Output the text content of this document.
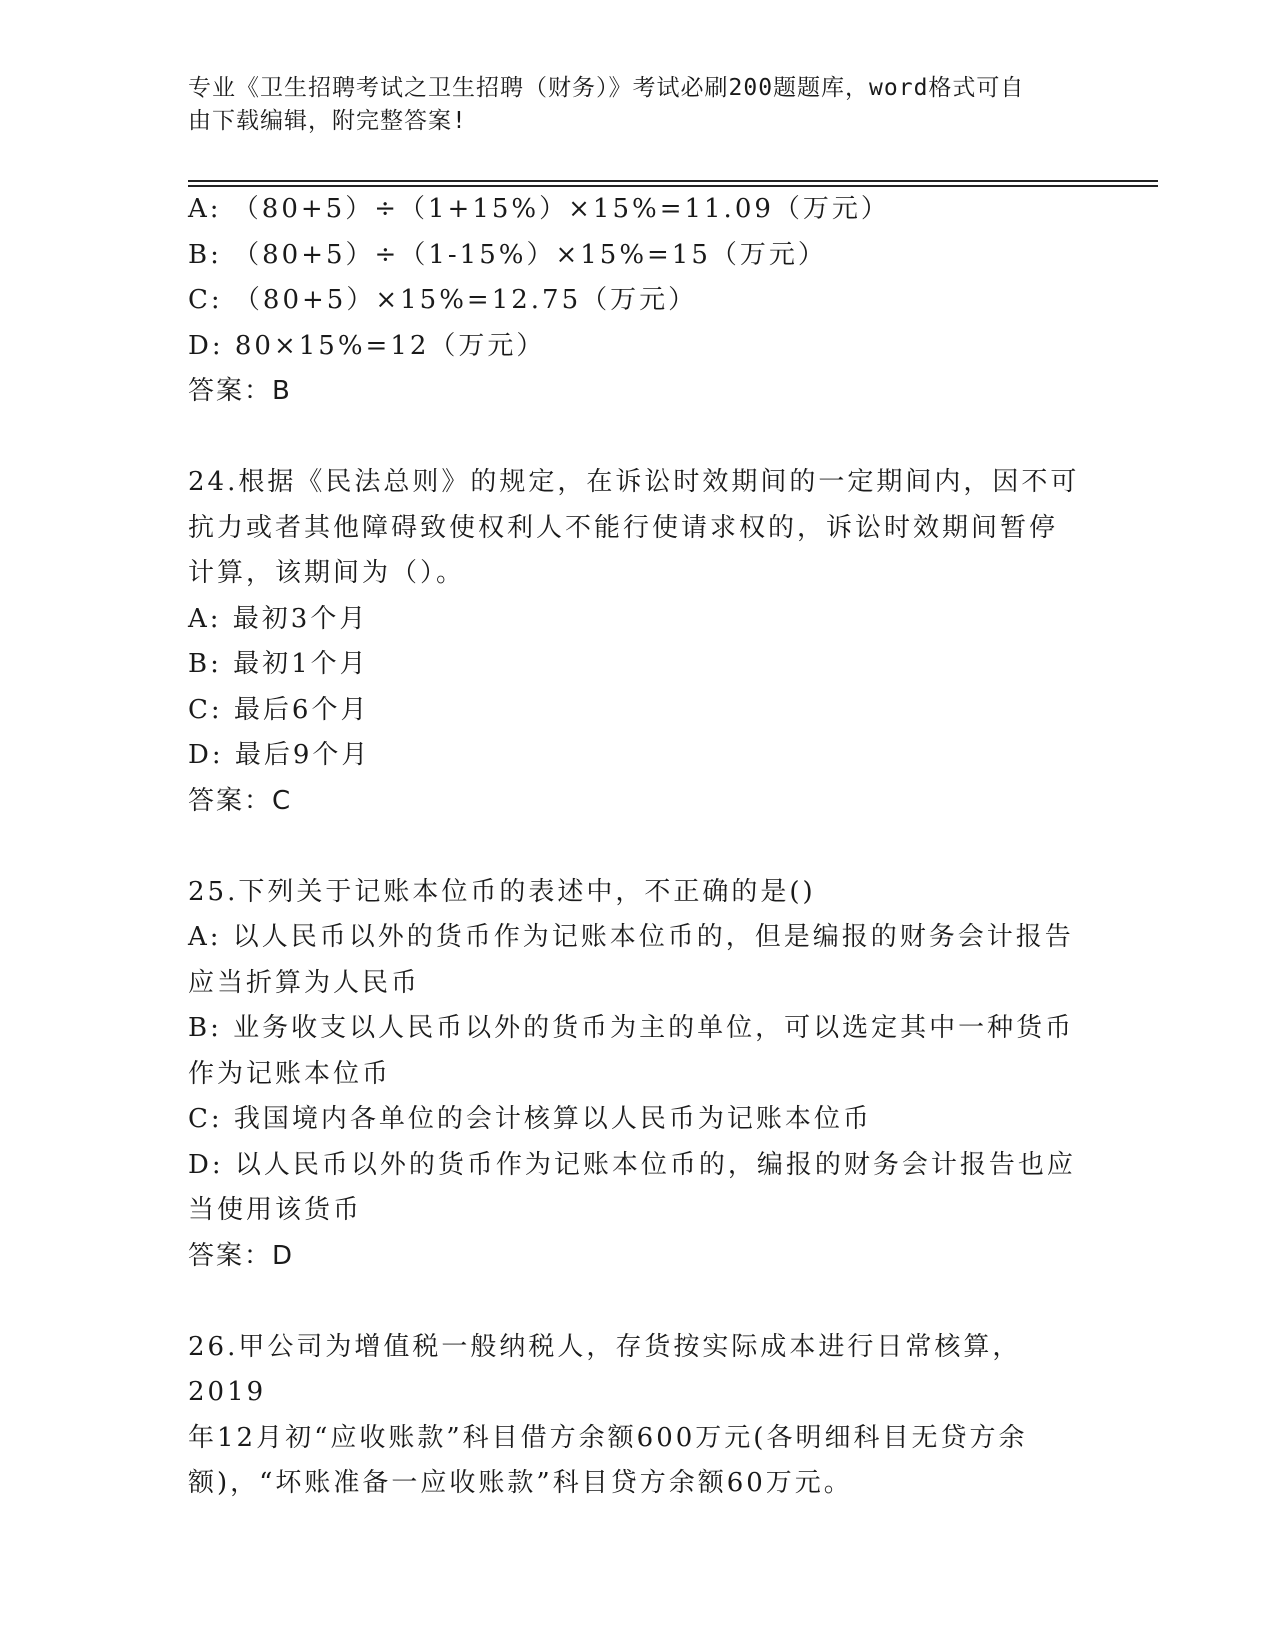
专业《卫生招聘考试之卫生招聘（财务）》考试必刷200题题库，word格式可自
由下载编辑，附完整答案!

A: （80+5）÷（1+15%）×15%=11.09（万元）

B: （80+5）÷（1-15%）×15%=15（万元）

C: （80+5）×15%=12.75（万元）

D: 80×15%=12（万元）

答案：B

24.根据《民法总则》的规定，在诉讼时效期间的一定期间内，因不可

抗力或者其他障碍致使权利人不能行使请求权的，诉讼时效期间暂停

计算，该期间为（）。

A: 最初3个月

B: 最初1个月

C: 最后6个月

D: 最后9个月

答案：C

25.下列关于记账本位币的表述中，不正确的是()

A: 以人民币以外的货币作为记账本位币的，但是编报的财务会计报告

应当折算为人民币

B: 业务收支以人民币以外的货币为主的单位，可以选定其中一种货币

作为记账本位币

C: 我国境内各单位的会计核算以人民币为记账本位币

D: 以人民币以外的货币作为记账本位币的，编报的财务会计报告也应

当使用该货币

答案：D

26.甲公司为增值税一般纳税人，存货按实际成本进行日常核算，2019

年12月初“应收账款”科目借方余额600万元(各明细科目无贷方余

额)，“坏账准备一应收账款”科目贷方余额60万元。
